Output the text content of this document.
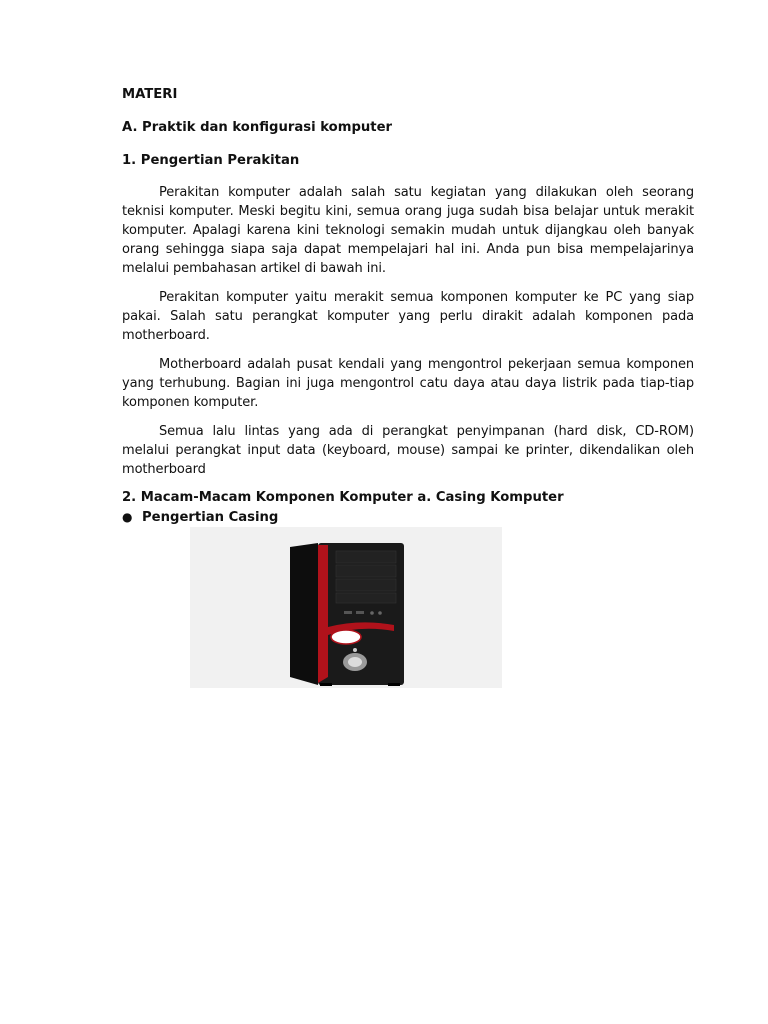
MATERI

A. Praktik dan konfigurasi komputer

1. Pengertian Perakitan

Perakitan komputer adalah salah satu kegiatan yang dilakukan oleh seorang teknisi komputer. Meski begitu kini, semua orang juga sudah bisa belajar untuk merakit komputer. Apalagi karena kini teknologi semakin mudah untuk dijangkau oleh banyak orang sehingga siapa saja dapat mempelajari hal ini. Anda pun bisa mempelajarinya melalui pembahasan artikel di bawah ini.

Perakitan komputer yaitu merakit semua komponen komputer ke PC yang siap pakai. Salah satu perangkat komputer yang perlu dirakit adalah komponen pada motherboard.

Motherboard adalah pusat kendali yang mengontrol pekerjaan semua komponen yang terhubung. Bagian ini juga mengontrol catu daya atau daya listrik pada tiap-tiap komponen komputer.

Semua lalu lintas yang ada di perangkat penyimpanan (hard disk, CD-ROM) melalui perangkat input data (keyboard, mouse) sampai ke printer, dikendalikan oleh motherboard

2. Macam-Macam Komponen Komputer a. Casing Komputer

● Pengertian Casing
